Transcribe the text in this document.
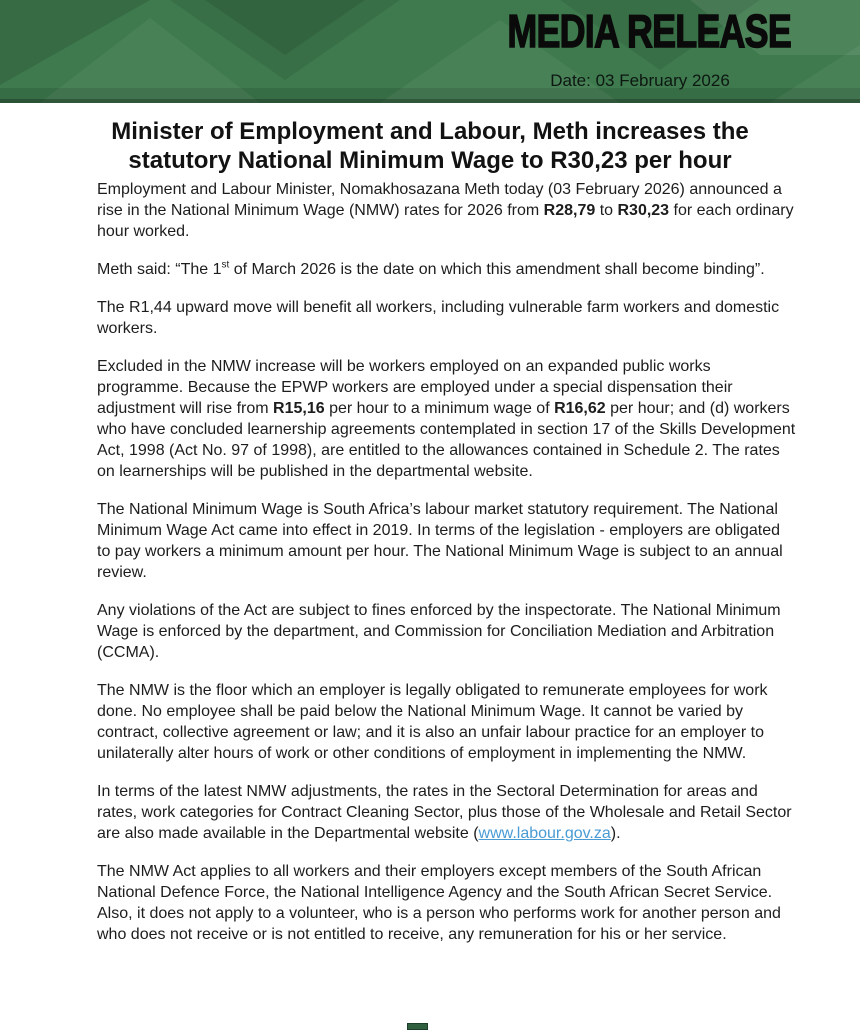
MEDIA RELEASE
Date: 03 February 2026
Minister of Employment and Labour, Meth increases the statutory National Minimum Wage to R30,23 per hour

Employment and Labour Minister, Nomakhosazana Meth today (03 February 2026) announced a rise in the National Minimum Wage (NMW) rates for 2026 from R28,79 to R30,23 for each ordinary hour worked.

Meth said: “The 1st of March 2026 is the date on which this amendment shall become binding”.

The R1,44 upward move will benefit all workers, including vulnerable farm workers and domestic workers.

Excluded in the NMW increase will be workers employed on an expanded public works programme. Because the EPWP workers are employed under a special dispensation their adjustment will rise from R15,16 per hour to a minimum wage of R16,62 per hour; and (d) workers who have concluded learnership agreements contemplated in section 17 of the Skills Development Act, 1998 (Act No. 97 of 1998), are entitled to the allowances contained in Schedule 2. The rates on learnerships will be published in the departmental website.

The National Minimum Wage is South Africa’s labour market statutory requirement. The National Minimum Wage Act came into effect in 2019. In terms of the legislation - employers are obligated to pay workers a minimum amount per hour. The National Minimum Wage is subject to an annual review.

Any violations of the Act are subject to fines enforced by the inspectorate. The National Minimum Wage is enforced by the department, and Commission for Conciliation Mediation and Arbitration (CCMA).

The NMW is the floor which an employer is legally obligated to remunerate employees for work done. No employee shall be paid below the National Minimum Wage. It cannot be varied by contract, collective agreement or law; and it is also an unfair labour practice for an employer to unilaterally alter hours of work or other conditions of employment in implementing the NMW.

In terms of the latest NMW adjustments, the rates in the Sectoral Determination for areas and rates, work categories for Contract Cleaning Sector, plus those of the Wholesale and Retail Sector are also made available in the Departmental website (www.labour.gov.za).

The NMW Act applies to all workers and their employers except members of the South African National Defence Force, the National Intelligence Agency and the South African Secret Service. Also, it does not apply to a volunteer, who is a person who performs work for another person and who does not receive or is not entitled to receive, any remuneration for his or her service.
